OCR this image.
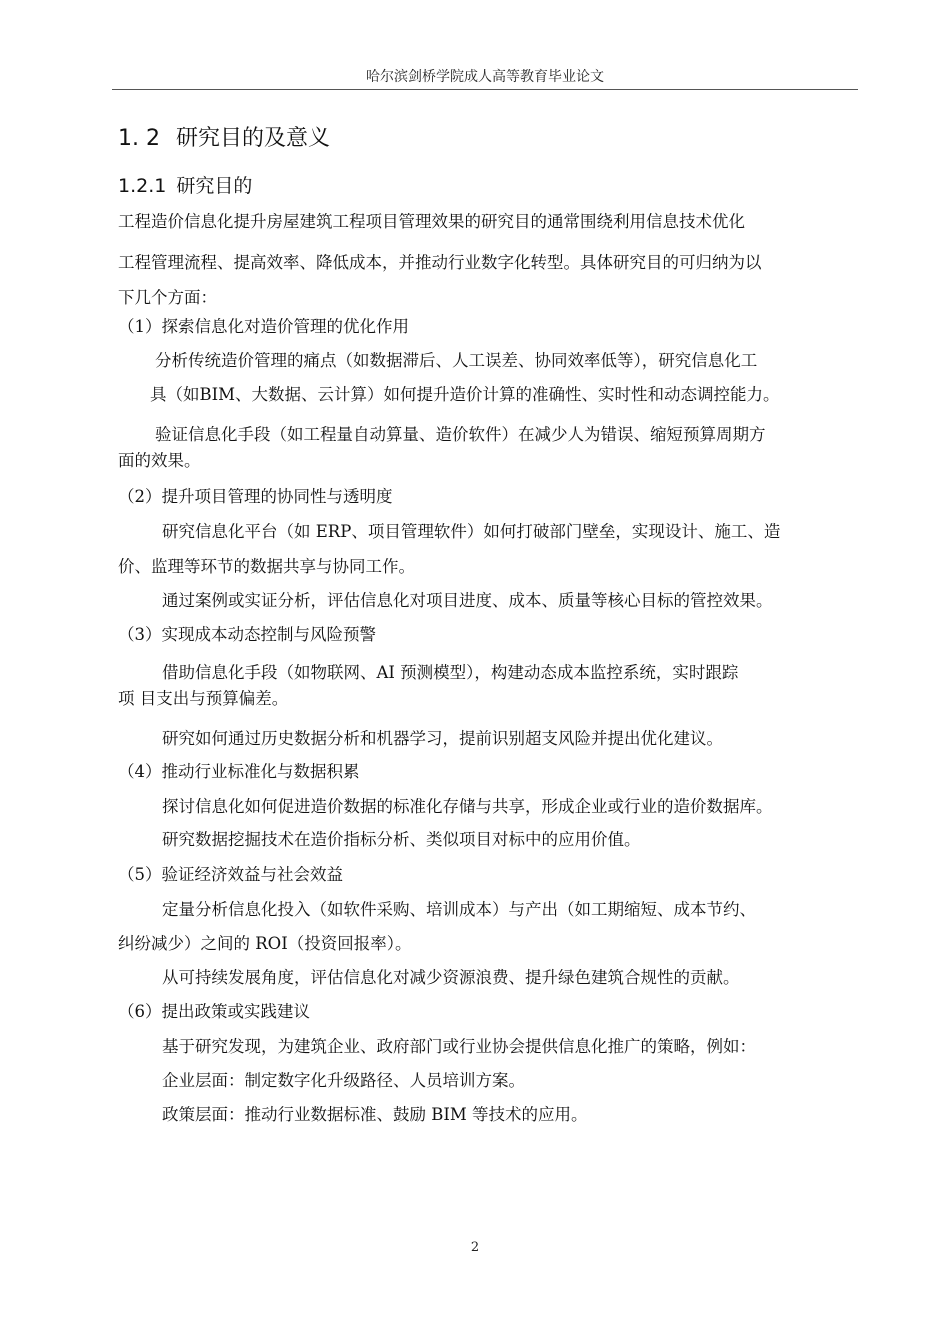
哈尔滨剑桥学院成人高等教育毕业论文
1. 2 研究目的及意义
1.2.1 研究目的
工程造价信息化提升房屋建筑工程项目管理效果的研究目的通常围绕利用信息技术优化
工程管理流程、提高效率、降低成本，并推动行业数字化转型。具体研究目的可归纳为以
下几个方面：
（1）探索信息化对造价管理的优化作用
分析传统造价管理的痛点（如数据滞后、人工误差、协同效率低等），研究信息化工
具（如BIM、大数据、云计算）如何提升造价计算的准确性、实时性和动态调控能力。
验证信息化手段（如工程量自动算量、造价软件）在减少人为错误、缩短预算周期方
面的效果。
（2）提升项目管理的协同性与透明度
研究信息化平台（如 ERP、项目管理软件）如何打破部门壁垒，实现设计、施工、造
价、监理等环节的数据共享与协同工作。
通过案例或实证分析，评估信息化对项目进度、成本、质量等核心目标的管控效果。
（3）实现成本动态控制与风险预警
借助信息化手段（如物联网、AI 预测模型），构建动态成本监控系统，实时跟踪
项 目支出与预算偏差。
研究如何通过历史数据分析和机器学习，提前识别超支风险并提出优化建议。
（4）推动行业标准化与数据积累
探讨信息化如何促进造价数据的标准化存储与共享，形成企业或行业的造价数据库。
研究数据挖掘技术在造价指标分析、类似项目对标中的应用价值。
（5）验证经济效益与社会效益
定量分析信息化投入（如软件采购、培训成本）与产出（如工期缩短、成本节约、
纠纷减少）之间的 ROI（投资回报率）。
从可持续发展角度，评估信息化对减少资源浪费、提升绿色建筑合规性的贡献。
（6）提出政策或实践建议
基于研究发现，为建筑企业、政府部门或行业协会提供信息化推广的策略，例如：
企业层面：制定数字化升级路径、人员培训方案。
政策层面：推动行业数据标准、鼓励 BIM 等技术的应用。
2
